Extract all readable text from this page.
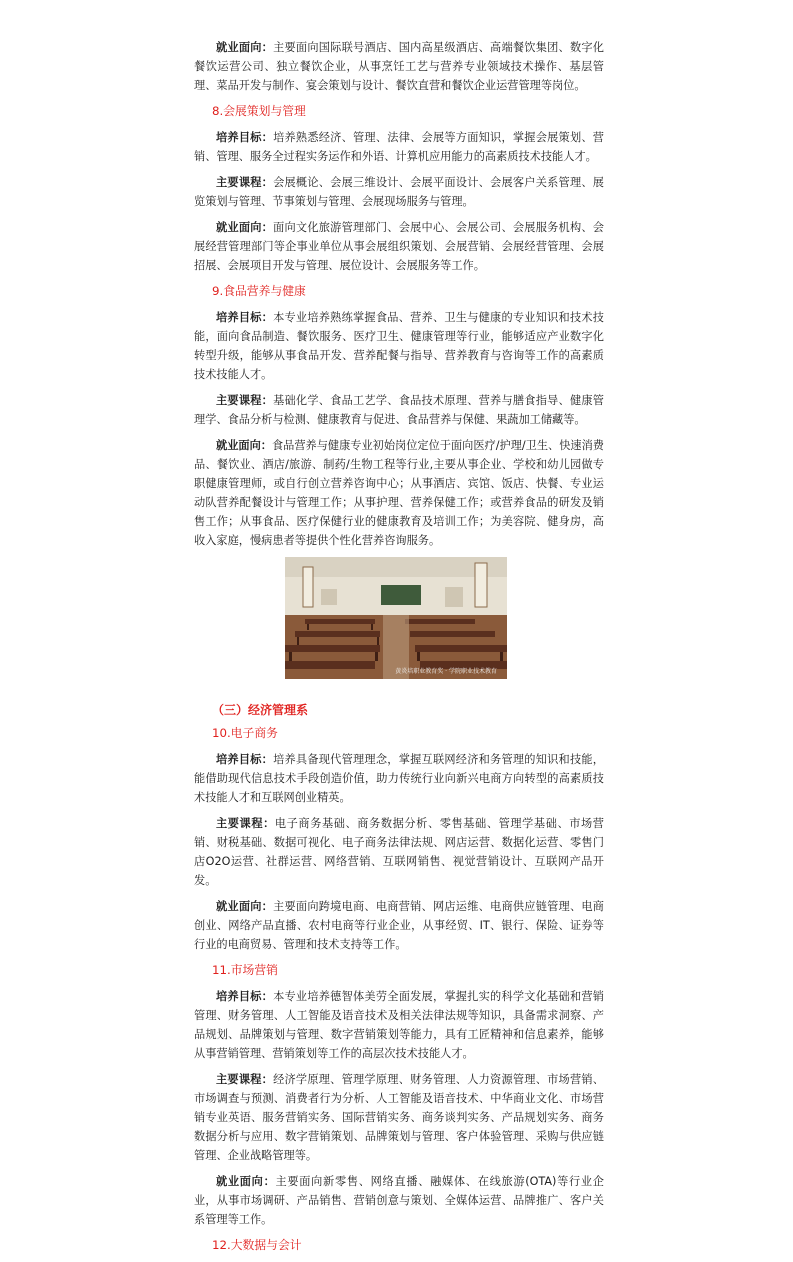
就业面向：主要面向国际联号酒店、国内高星级酒店、高端餐饮集团、数字化餐饮运营公司、独立餐饮企业，从事烹饪工艺与营养专业领域技术操作、基层管理、菜品开发与制作、宴会策划与设计、餐饮直营和餐饮企业运营管理等岗位。

8.会展策划与管理

培养目标：培养熟悉经济、管理、法律、会展等方面知识，掌握会展策划、营销、管理、服务全过程实务运作和外语、计算机应用能力的高素质技术技能人才。

主要课程：会展概论、会展三维设计、会展平面设计、会展客户关系管理、展览策划与管理、节事策划与管理、会展现场服务与管理。

就业面向：面向文化旅游管理部门、会展中心、会展公司、会展服务机构、会展经营管理部门等企事业单位从事会展组织策划、会展营销、会展经营管理、会展招展、会展项目开发与管理、展位设计、会展服务等工作。

9.食品营养与健康

培养目标：本专业培养熟练掌握食品、营养、卫生与健康的专业知识和技术技能，面向食品制造、餐饮服务、医疗卫生、健康管理等行业，能够适应产业数字化转型升级，能够从事食品开发、营养配餐与指导、营养教育与咨询等工作的高素质技术技能人才。

主要课程：基础化学、食品工艺学、食品技术原理、营养与膳食指导、健康管理学、食品分析与检测、健康教育与促进、食品营养与保健、果蔬加工储藏等。

就业面向：食品营养与健康专业初始岗位定位于面向医疗/护理/卫生、快速消费品、餐饮业、酒店/旅游、制药/生物工程等行业,主要从事企业、学校和幼儿园做专职健康管理师，或自行创立营养咨询中心；从事酒店、宾馆、饭店、快餐、专业运动队营养配餐设计与管理工作；从事护理、营养保健工作；或营养食品的研发及销售工作；从事食品、医疗保健行业的健康教育及培训工作；为美容院、健身房，高收入家庭，慢病患者等提供个性化营养咨询服务。

黄炎培职业教育奖 · 学院职业技术教育
（三）经济管理系
10.电子商务

培养目标：培养具备现代管理理念，掌握互联网经济和务管理的知识和技能，能借助现代信息技术手段创造价值，助力传统行业向新兴电商方向转型的高素质技术技能人才和互联网创业精英。

主要课程：电子商务基础、商务数据分析、零售基础、管理学基础、市场营销、财税基础、数据可视化、电子商务法律法规、网店运营、数据化运营、零售门店O2O运营、社群运营、网络营销、互联网销售、视觉营销设计、互联网产品开发。

就业面向：主要面向跨境电商、电商营销、网店运维、电商供应链管理、电商创业、网络产品直播、农村电商等行业企业，从事经贸、IT、银行、保险、证券等行业的电商贸易、管理和技术支持等工作。

11.市场营销

培养目标：本专业培养德智体美劳全面发展，掌握扎实的科学文化基础和营销管理、财务管理、人工智能及语音技术及相关法律法规等知识，具备需求洞察、产品规划、品牌策划与管理、数字营销策划等能力，具有工匠精神和信息素养，能够从事营销管理、营销策划等工作的高层次技术技能人才。

主要课程：经济学原理、管理学原理、财务管理、人力资源管理、市场营销、市场调查与预测、消费者行为分析、人工智能及语音技术、中华商业文化、市场营销专业英语、服务营销实务、国际营销实务、商务谈判实务、产品规划实务、商务数据分析与应用、数字营销策划、品牌策划与管理、客户体验管理、采购与供应链管理、企业战略管理等。

就业面向：主要面向新零售、网络直播、融媒体、在线旅游(OTA)等行业企业，从事市场调研、产品销售、营销创意与策划、全媒体运营、品牌推广、客户关系管理等工作。

12.大数据与会计
